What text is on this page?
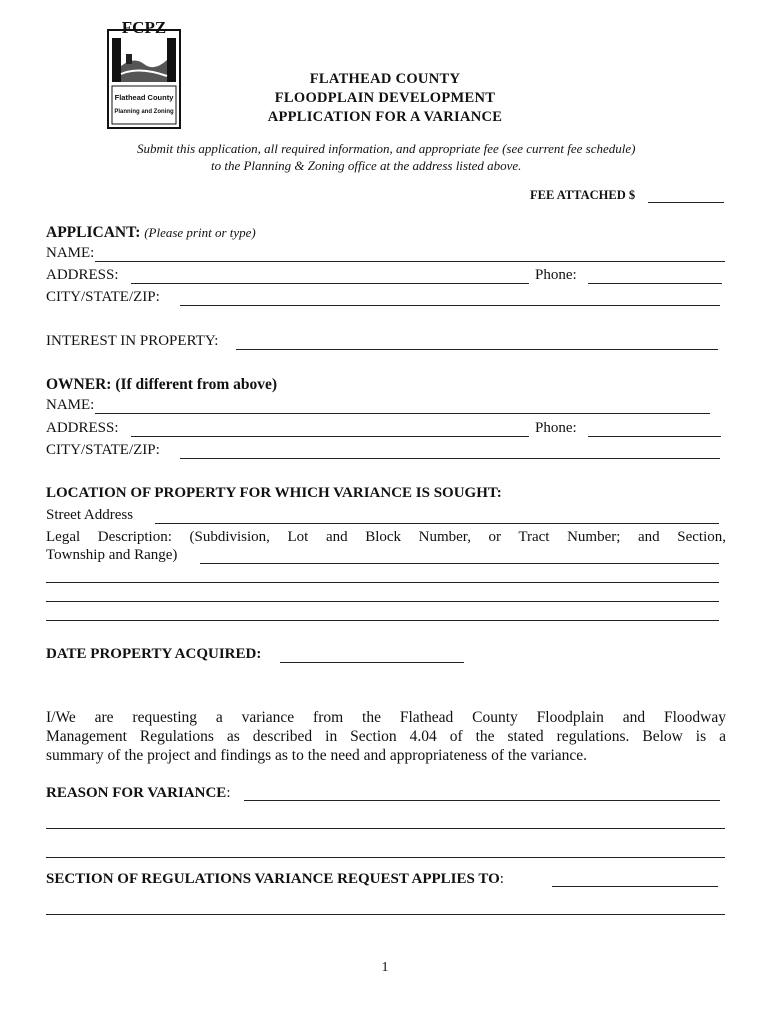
FCPZ
Flathead County
Planning and Zoning
FLATHEAD COUNTY
FLOODPLAIN DEVELOPMENT
APPLICATION FOR A VARIANCE
Submit this application, all required information, and appropriate fee (see current fee schedule)
to the Planning & Zoning office at the address listed above.
FEE ATTACHED $
APPLICANT: (Please print or type)
NAME:
ADDRESS:	Phone:
CITY/STATE/ZIP:
INTEREST IN PROPERTY:
OWNER: (If different from above)
NAME:
ADDRESS:	Phone:
CITY/STATE/ZIP:
LOCATION OF PROPERTY FOR WHICH VARIANCE IS SOUGHT:
Street Address
Legal Description: (Subdivision, Lot and Block Number, or Tract Number; and Section,
Township and Range)
DATE PROPERTY ACQUIRED:
I/We are requesting a variance from the Flathead County Floodplain and Floodway
Management Regulations as described in Section 4.04 of the stated regulations. Below is a
summary of the project and findings as to the need and appropriateness of the variance.
REASON FOR VARIANCE:
SECTION OF REGULATIONS VARIANCE REQUEST APPLIES TO:
1
